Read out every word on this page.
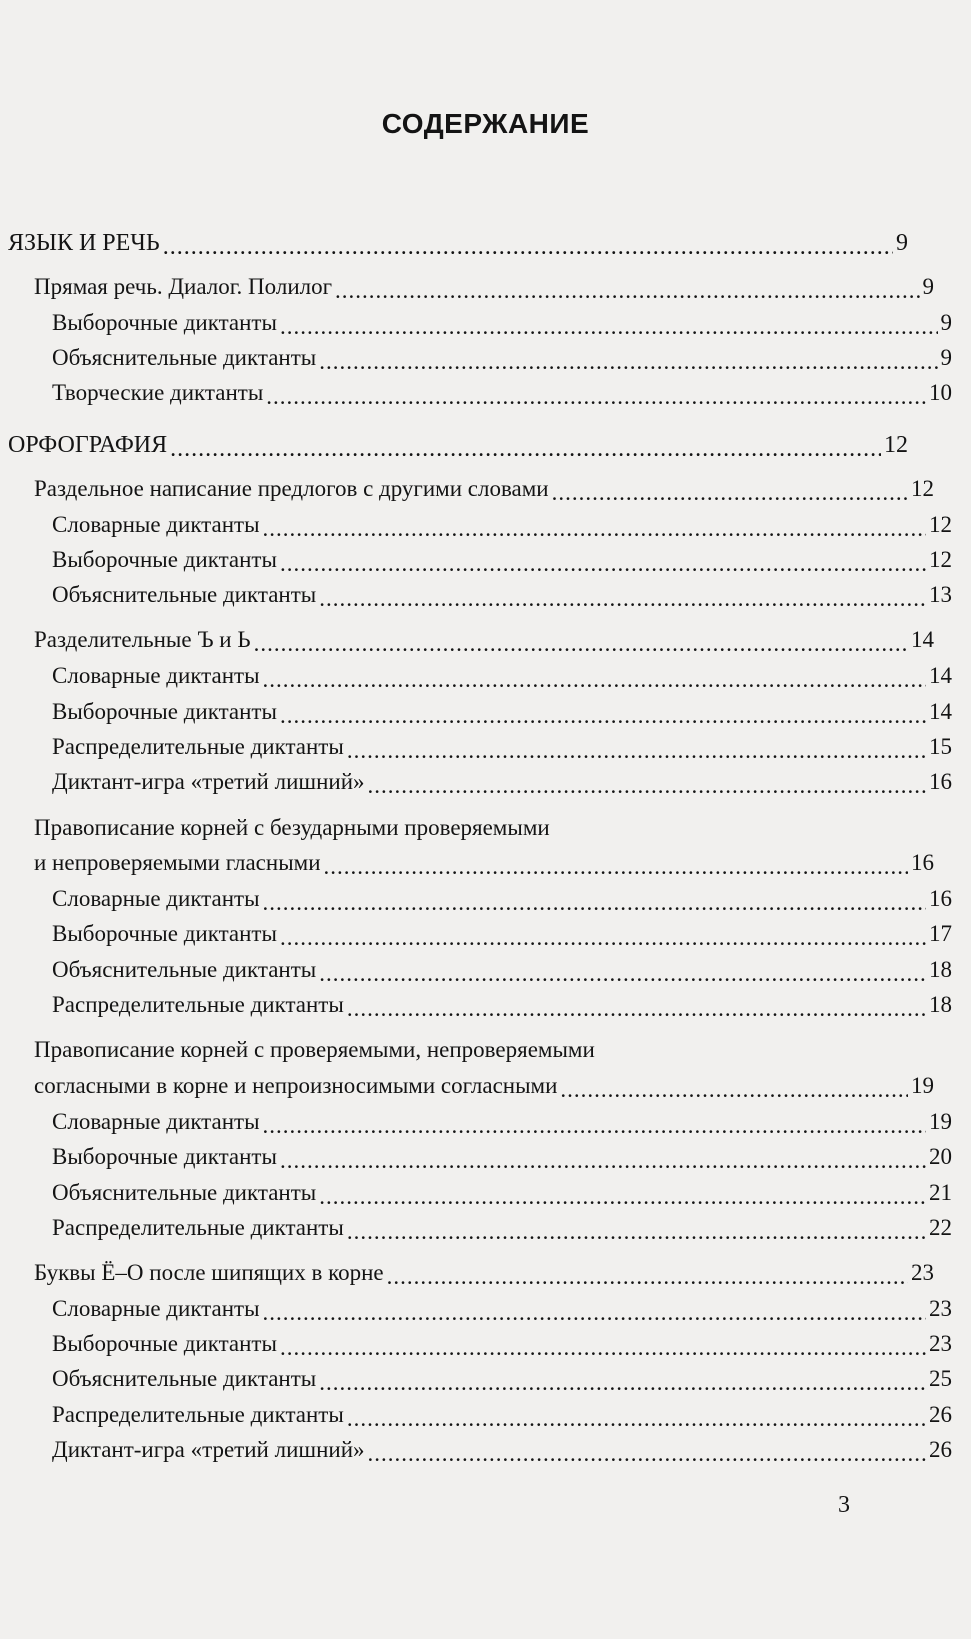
СОДЕРЖАНИЕ
ЯЗЫК И РЕЧЬ .....	9
Прямая речь. Диалог. Полилог .....	9
Выборочные диктанты .....	9
Объяснительные диктанты .....	9
Творческие диктанты .....	10
ОРФОГРАФИЯ .....	12
Раздельное написание предлогов с другими словами .....	12
Словарные диктанты .....	12
Выборочные диктанты .....	12
Объяснительные диктанты .....	13
Разделительные Ъ и Ь .....	14
Словарные диктанты .....	14
Выборочные диктанты .....	14
Распределительные диктанты .....	15
Диктант-игра «третий лишний» .....	16
Правописание корней с безударными проверяемыми
и непроверяемыми гласными .....	16
Словарные диктанты .....	16
Выборочные диктанты .....	17
Объяснительные диктанты .....	18
Распределительные диктанты .....	18
Правописание корней с проверяемыми, непроверяемыми
согласными в корне и непроизносимыми согласными .....	19
Словарные диктанты .....	19
Выборочные диктанты .....	20
Объяснительные диктанты .....	21
Распределительные диктанты .....	22
Буквы Ё–О после шипящих в корне .....	23
Словарные диктанты .....	23
Выборочные диктанты .....	23
Объяснительные диктанты .....	25
Распределительные диктанты .....	26
Диктант-игра «третий лишний» .....	26
3
